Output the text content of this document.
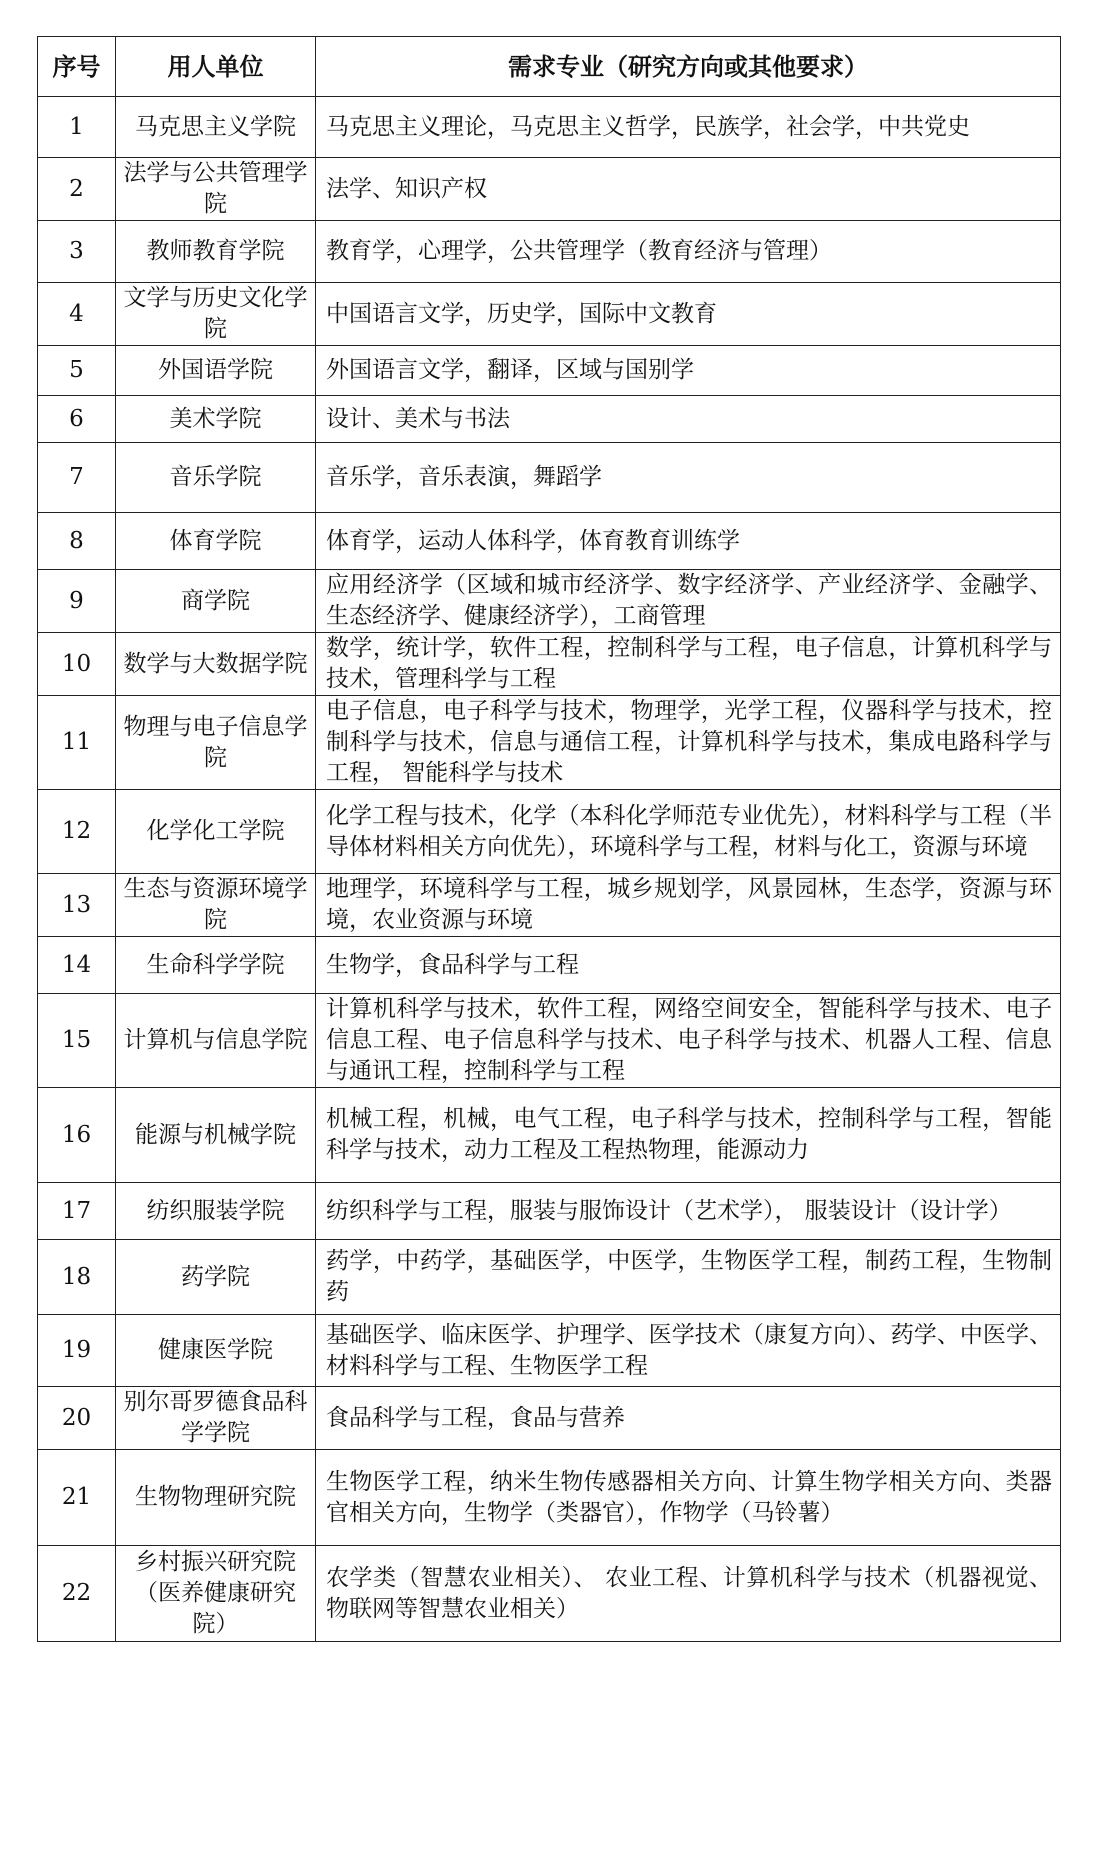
序号	用人单位	需求专业（研究方向或其他要求）
1	马克思主义学院	马克思主义理论，马克思主义哲学，民族学，社会学，中共党史
2	法学与公共管理学院	法学、知识产权
3	教师教育学院	教育学，心理学，公共管理学（教育经济与管理）
4	文学与历史文化学院	中国语言文学，历史学，国际中文教育
5	外国语学院	外国语言文学，翻译，区域与国别学
6	美术学院	设计、美术与书法
7	音乐学院	音乐学，音乐表演，舞蹈学
8	体育学院	体育学，运动人体科学，体育教育训练学
9	商学院	应用经济学（区域和城市经济学、数字经济学、产业经济学、金融学、生态经济学、健康经济学），工商管理
10	数学与大数据学院	数学，统计学，软件工程，控制科学与工程，电子信息，计算机科学与技术，管理科学与工程
11	物理与电子信息学院	电子信息，电子科学与技术，物理学，光学工程，仪器科学与技术，控制科学与技术，信息与通信工程，计算机科学与技术，集成电路科学与工程， 智能科学与技术
12	化学化工学院	化学工程与技术，化学（本科化学师范专业优先），材料科学与工程（半导体材料相关方向优先），环境科学与工程，材料与化工，资源与环境
13	生态与资源环境学院	地理学，环境科学与工程，城乡规划学，风景园林，生态学，资源与环境，农业资源与环境
14	生命科学学院	生物学，食品科学与工程
15	计算机与信息学院	计算机科学与技术，软件工程，网络空间安全，智能科学与技术、电子信息工程、电子信息科学与技术、电子科学与技术、机器人工程、信息与通讯工程，控制科学与工程
16	能源与机械学院	机械工程，机械，电气工程，电子科学与技术，控制科学与工程，智能科学与技术，动力工程及工程热物理，能源动力
17	纺织服装学院	纺织科学与工程，服装与服饰设计（艺术学）， 服装设计（设计学）
18	药学院	药学，中药学，基础医学，中医学，生物医学工程，制药工程，生物制药
19	健康医学院	基础医学、临床医学、护理学、医学技术（康复方向）、药学、中医学、材料科学与工程、生物医学工程
20	别尔哥罗德食品科学学院	食品科学与工程，食品与营养
21	生物物理研究院	生物医学工程，纳米生物传感器相关方向、计算生物学相关方向、类器官相关方向，生物学（类器官），作物学（马铃薯）
22	乡村振兴研究院（医养健康研究院）	农学类（智慧农业相关）、 农业工程、计算机科学与技术（机器视觉、物联网等智慧农业相关）
